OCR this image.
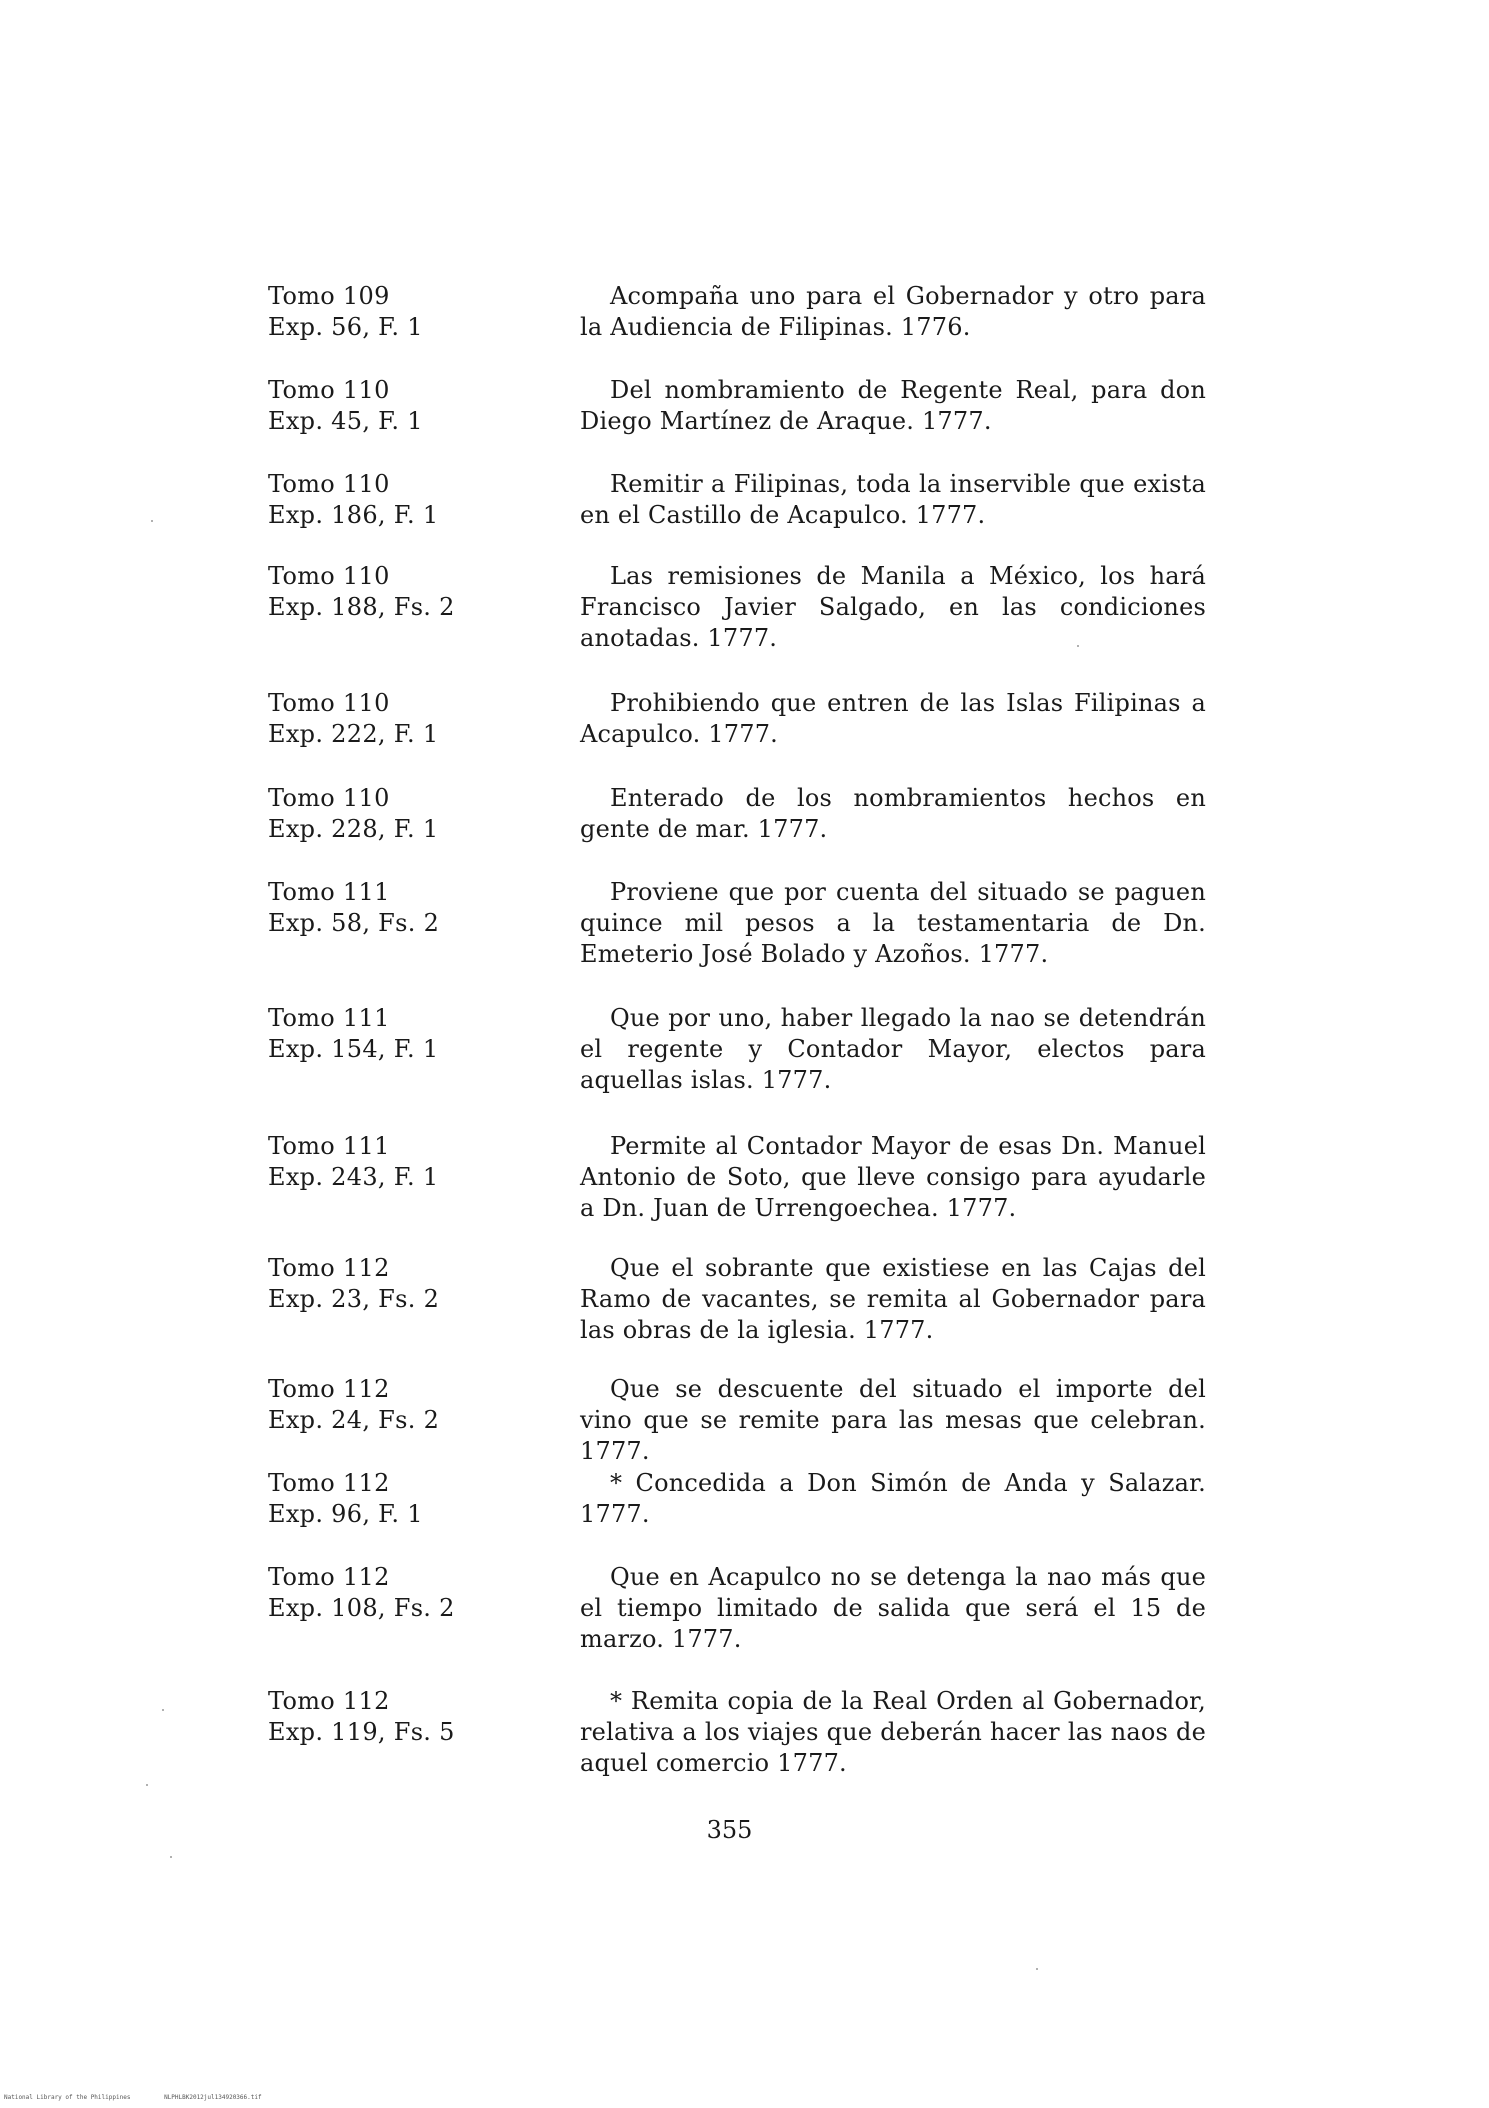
Tomo 109
Exp. 56, F. 1
Acompaña uno para el Gobernador y otro para la Audiencia de Filipinas. 1776.
Tomo 110
Exp. 45, F. 1
Del nombramiento de Regente Real, para don Diego Martínez de Araque. 1777.
Tomo 110
Exp. 186, F. 1
Remitir a Filipinas, toda la inservible que exista en el Castillo de Acapulco. 1777.
Tomo 110
Exp. 188, Fs. 2
Las remisiones de Manila a México, los hará Francisco Javier Salgado, en las condiciones anotadas. 1777.
Tomo 110
Exp. 222, F. 1
Prohibiendo que entren de las Islas Filipinas a Acapulco. 1777.
Tomo 110
Exp. 228, F. 1
Enterado de los nombramientos hechos en gente de mar. 1777.
Tomo 111
Exp. 58, Fs. 2
Proviene que por cuenta del situado se paguen quince mil pesos a la testamentaria de Dn. Emeterio José Bolado y Azoños. 1777.
Tomo 111
Exp. 154, F. 1
Que por uno, haber llegado la nao se detendrán el regente y Contador Mayor, electos para aquellas islas. 1777.
Tomo 111
Exp. 243, F. 1
Permite al Contador Mayor de esas Dn. Manuel Antonio de Soto, que lleve consigo para ayudarle a Dn. Juan de Urrengoechea. 1777.
Tomo 112
Exp. 23, Fs. 2
Que el sobrante que existiese en las Cajas del Ramo de vacantes, se remita al Gobernador para las obras de la iglesia. 1777.
Tomo 112
Exp. 24, Fs. 2
Que se descuente del situado el importe del vino que se remite para las mesas que celebran. 1777.
Tomo 112
Exp. 96, F. 1
* Concedida a Don Simón de Anda y Salazar. 1777.
Tomo 112
Exp. 108, Fs. 2
Que en Acapulco no se detenga la nao más que el tiempo limitado de salida que será el 15 de marzo. 1777.
Tomo 112
Exp. 119, Fs. 5
* Remita copia de la Real Orden al Gobernador, relativa a los viajes que deberán hacer las naos de aquel comercio 1777.
355
National Library of the Philippines	NLPHLBK2012jul134920366.tif
